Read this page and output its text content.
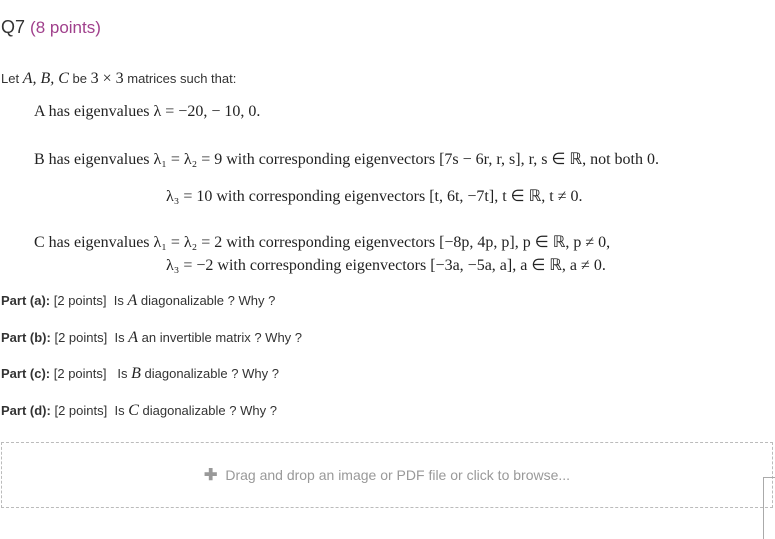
Q7 (8 points)
Let A, B, C be 3 × 3 matrices such that:
A has eigenvalues λ = −20, − 10, 0.
B has eigenvalues λ₁ = λ₂ = 9 with corresponding eigenvectors [7s − 6r, r, s], r, s ∈ ℝ, not both 0.
λ₃ = 10 with corresponding eigenvectors [t, 6t, −7t], t ∈ ℝ, t ≠ 0.
C has eigenvalues λ₁ = λ₂ = 2 with corresponding eigenvectors [−8p, 4p, p], p ∈ ℝ, p ≠ 0,
λ₃ = −2 with corresponding eigenvectors [−3a, −5a, a], a ∈ ℝ, a ≠ 0.
Part (a): [2 points] Is A diagonalizable ? Why ?
Part (b): [2 points] Is A an invertible matrix ? Why ?
Part (c): [2 points] Is B diagonalizable ? Why ?
Part (d): [2 points] Is C diagonalizable ? Why ?
✚ Drag and drop an image or PDF file or click to browse...
